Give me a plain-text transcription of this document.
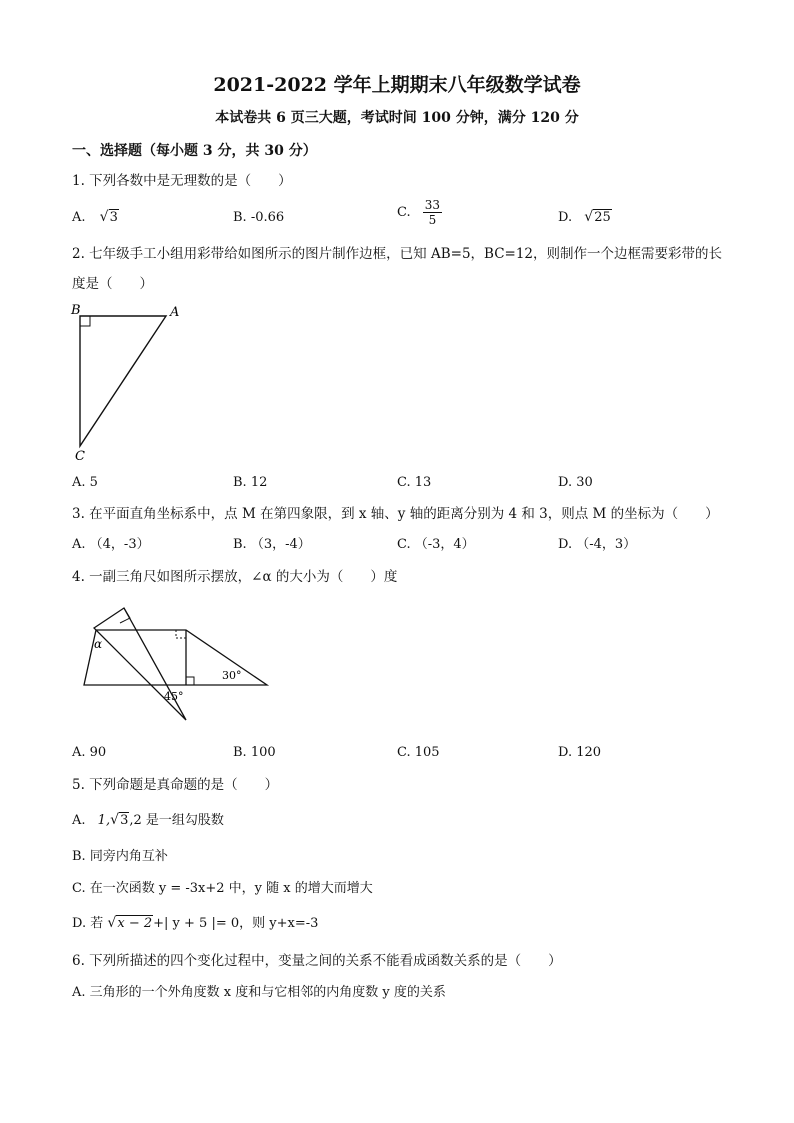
2021-2022 学年上期期末八年级数学试卷
本试卷共 6 页三大题，考试时间 100 分钟，满分 120 分
一、选择题（每小题 3 分，共 30 分）
1. 下列各数中是无理数的是（　　）
A. √ 3	B. -0.66	C. $\frac{33}{5}$	D. √ 25
2. 七年级手工小组用彩带给如图所示的图片制作边框，已知 AB=5，BC=12，则制作一个边框需要彩带的长
度是（　　）
B	A
C
A. 5	B. 12	C. 13	D. 30
3. 在平面直角坐标系中，点 M 在第四象限，到 x 轴、y 轴的距离分别为 4 和 3，则点 M 的坐标为（　　）
A. （4，-3）	B. （3，-4）	C. （-3，4）	D. （-4，3）
4. 一副三角尺如图所示摆放，∠α 的大小为（　　）度
α
30°
45°
A. 90	B. 100	C. 105	D. 120
5. 下列命题是真命题的是（　　）
A. 1, √ 3,2 是一组勾股数
B. 同旁内角互补
C. 在一次函数 y = -3x+2 中，y 随 x 的增大而增大
D. 若 √ x − 2+| y + 5 |= 0，则 y+x=-3
6. 下列所描述的四个变化过程中，变量之间的关系不能看成函数关系的是（　　）
A. 三角形的一个外角度数 x 度和与它相邻的内角度数 y 度的关系
